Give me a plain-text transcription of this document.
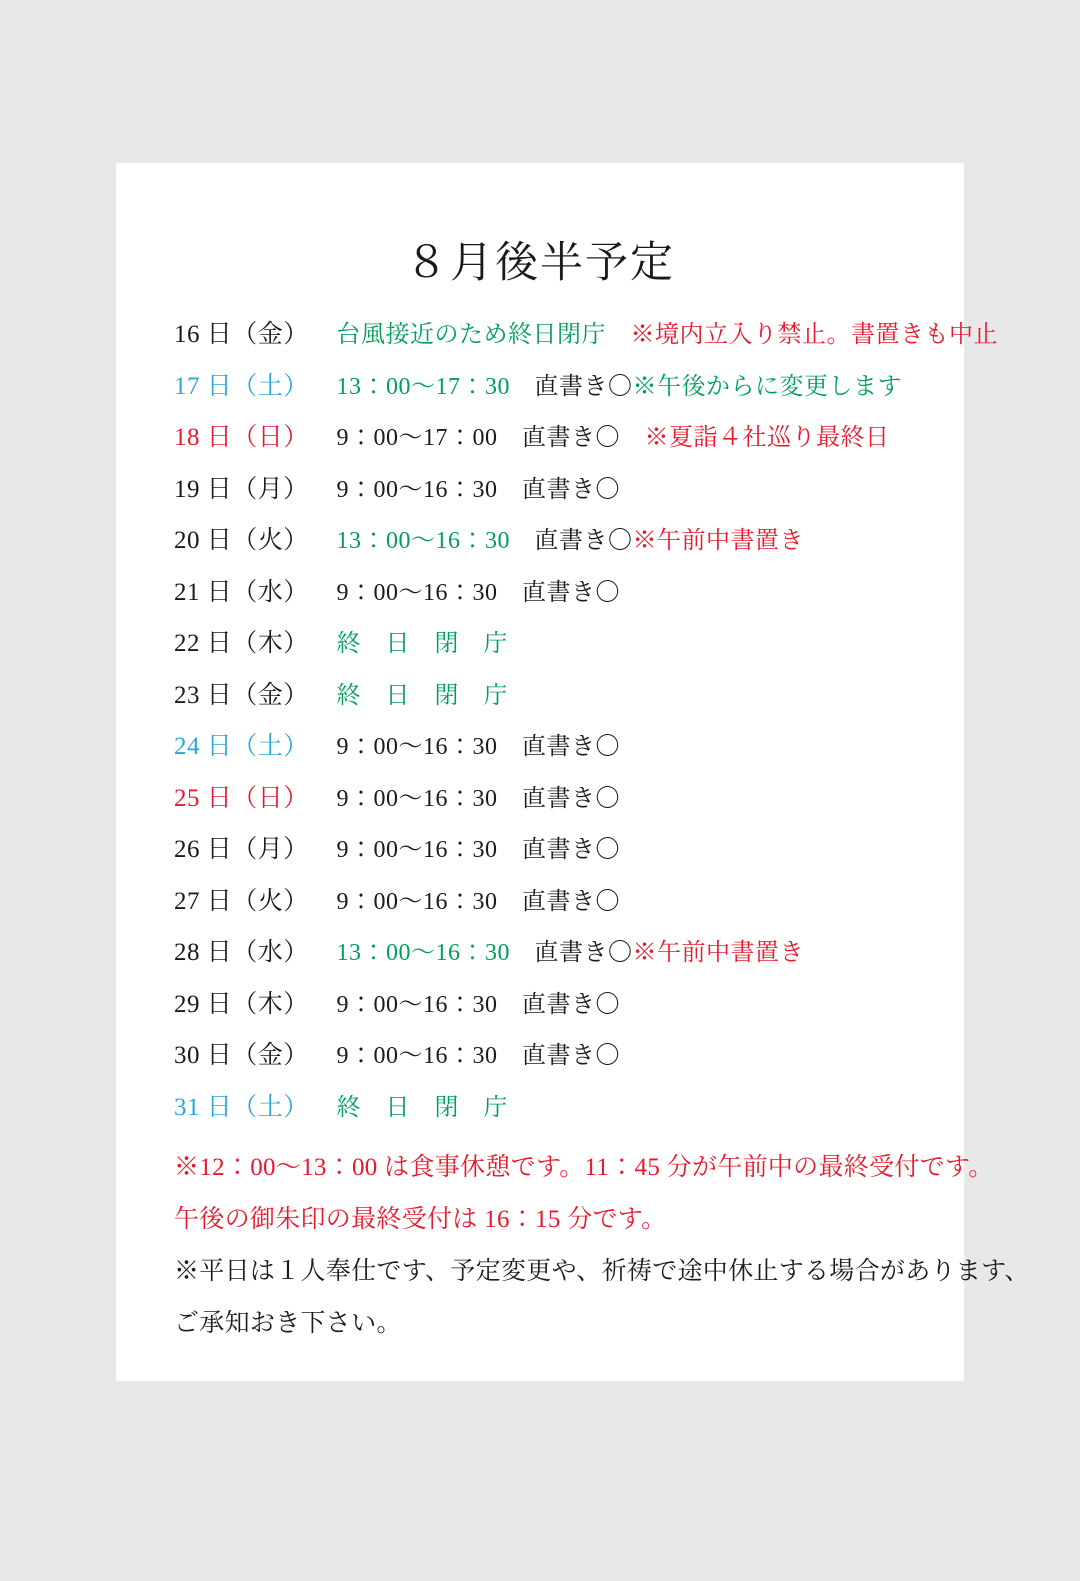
８月後半予定
16 日（金） 　台風接近のため終日閉庁　※境内立入り禁止。書置きも中止
17 日（土） 　13：00〜17：30　直書き〇※午後からに変更します
18 日（日） 　9：00〜17：00　直書き〇　※夏詣４社巡り最終日
19 日（月） 　9：00〜16：30　直書き〇
20 日（火） 　13：00〜16：30　直書き〇※午前中書置き
21 日（水） 　9：00〜16：30　直書き〇
22 日（木） 　終　日　閉　庁
23 日（金） 　終　日　閉　庁
24 日（土） 　9：00〜16：30　直書き〇
25 日（日） 　9：00〜16：30　直書き〇
26 日（月） 　9：00〜16：30　直書き〇
27 日（火） 　9：00〜16：30　直書き〇
28 日（水） 　13：00〜16：30　直書き〇※午前中書置き
29 日（木） 　9：00〜16：30　直書き〇
30 日（金） 　9：00〜16：30　直書き〇
31 日（土） 　終　日　閉　庁
※12：00〜13：00 は食事休憩です。11：45 分が午前中の最終受付です。
午後の御朱印の最終受付は 16：15 分です。
※平日は１人奉仕です、予定変更や、祈祷で途中休止する場合があります、
ご承知おき下さい。
